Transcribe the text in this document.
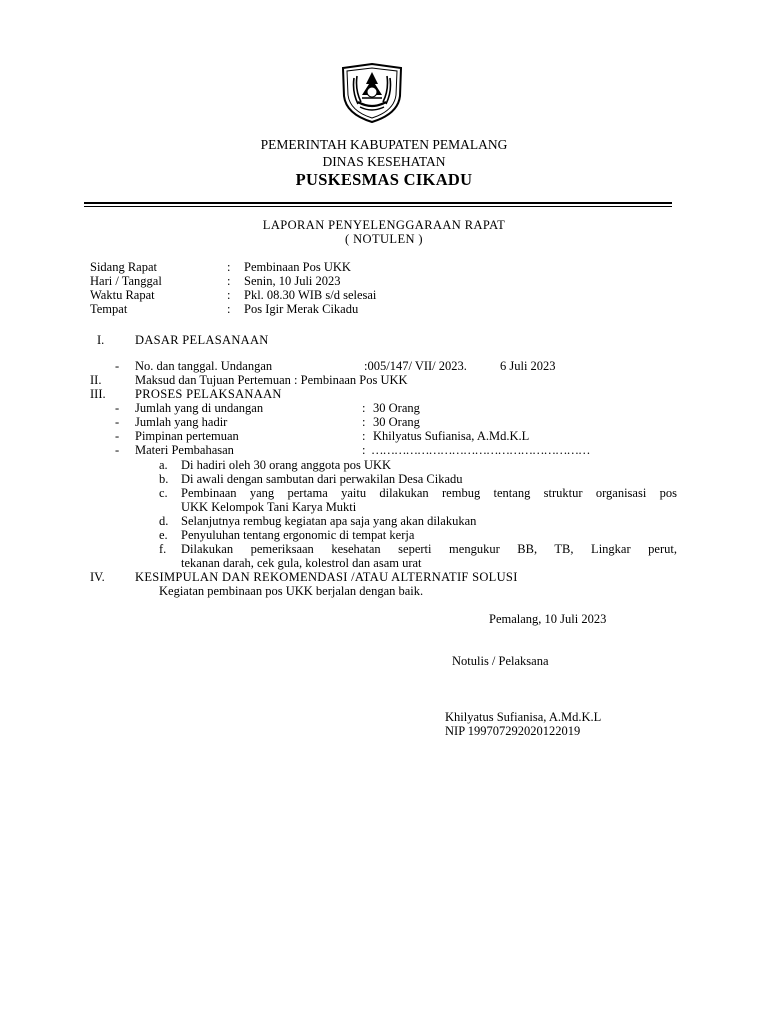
PEMERINTAH KABUPATEN PEMALANG
DINAS KESEHATAN
PUSKESMAS CIKADU
LAPORAN PENYELENGGARAAN RAPAT
( NOTULEN )
Sidang Rapat	: Pembinaan Pos UKK
Hari / Tanggal	: Senin, 10 Juli 2023
Waktu Rapat	: Pkl. 08.30 WIB s/d selesai
Tempat	: Pos Igir Merak Cikadu
I. DASAR PELASANAAN
- No. dan tanggal. Undangan	:005/147/ VII/ 2023.	6 Juli 2023
II.	Maksud dan Tujuan Pertemuan : Pembinaan Pos UKK
III. PROSES PELAKSANAAN
- Jumlah yang di undangan	: 30 Orang
- Jumlah yang hadir	: 30 Orang
- Pimpinan pertemuan	: Khilyatus Sufianisa, A.Md.K.L
- Materi Pembahasan	: …………………………………………………
a. Di hadiri oleh 30 orang anggota pos UKK
b. Di awali dengan sambutan dari perwakilan Desa Cikadu
c. Pembinaan yang pertama yaitu dilakukan rembug tentang struktur organisasi pos
UKK Kelompok Tani Karya Mukti
d. Selanjutnya rembug kegiatan apa saja yang akan dilakukan
e. Penyuluhan tentang ergonomic di tempat kerja
f. Dilakukan pemeriksaan kesehatan seperti mengukur BB, TB, Lingkar perut,
tekanan darah, cek gula, kolestrol dan asam urat
IV. KESIMPULAN DAN REKOMENDASI /ATAU ALTERNATIF SOLUSI
Kegiatan pembinaan pos UKK berjalan dengan baik.
Pemalang, 10 Juli 2023
Notulis / Pelaksana
Khilyatus Sufianisa, A.Md.K.L
NIP 199707292020122019
